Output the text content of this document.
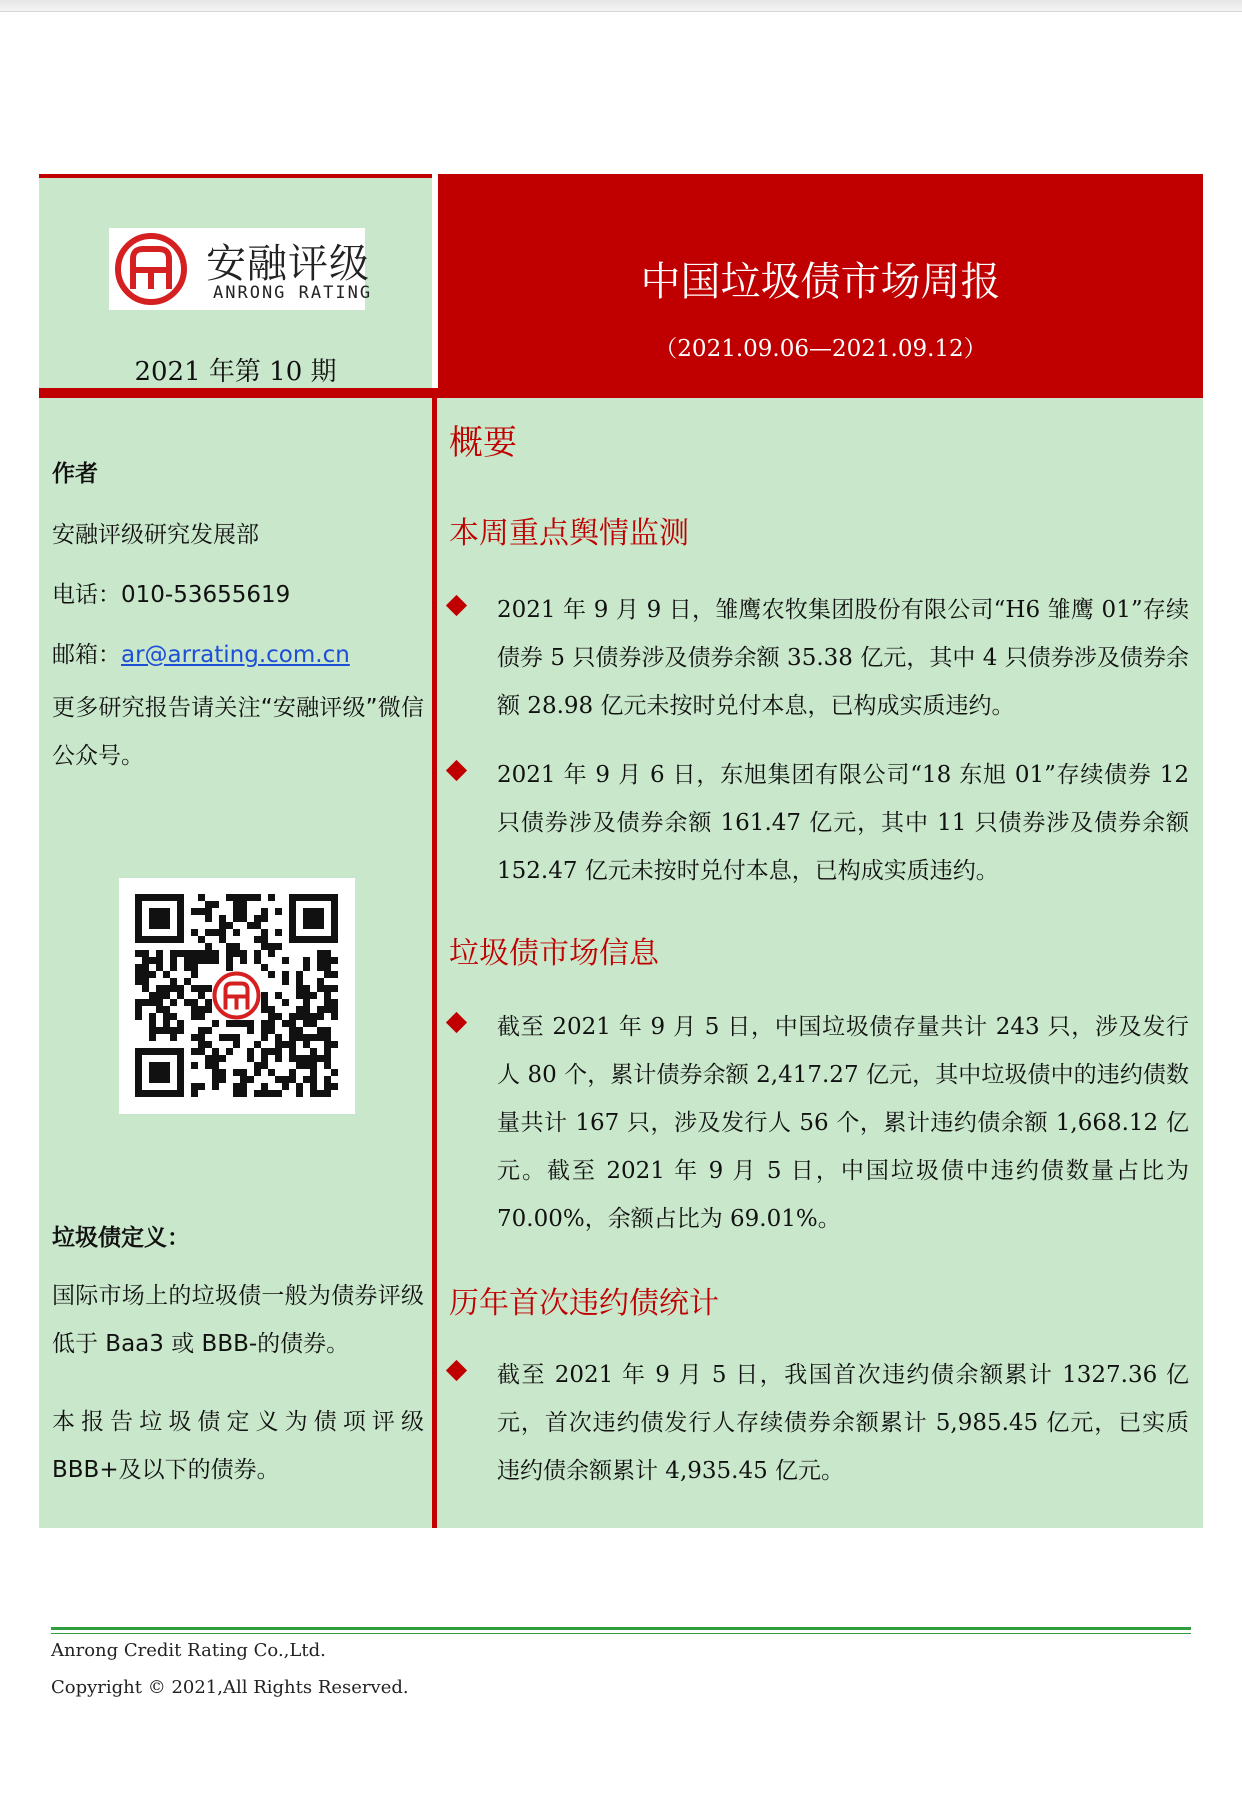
安融评级
ANRONG RATING
2021 年第 10 期
中国垃圾债市场周报
（2021.09.06—2021.09.12）

作者

安融评级研究发展部

电话：010-53655619

邮箱：ar@arrating.com.cn

更多研究报告请关注“安融评级”微信公众号。

垃圾债定义：

国际市场上的垃圾债一般为债券评级低于 Baa3 或 BBB-的债券。

本报告垃圾债定义为债项评级 BBB+及以下的债券。

概要
本周重点舆情监测

2021 年 9 月 9 日，雏鹰农牧集团股份有限公司“H6 雏鹰 01”存续债券 5 只债券涉及债券余额 35.38 亿元，其中 4 只债券涉及债券余额 28.98 亿元未按时兑付本息，已构成实质违约。

2021 年 9 月 6 日，东旭集团有限公司“18 东旭 01”存续债券 12 只债券涉及债券余额 161.47 亿元，其中 11 只债券涉及债券余额 152.47 亿元未按时兑付本息，已构成实质违约。

垃圾债市场信息

截至 2021 年 9 月 5 日，中国垃圾债存量共计 243 只，涉及发行人 80 个，累计债券余额 2,417.27 亿元，其中垃圾债中的违约债数量共计 167 只，涉及发行人 56 个，累计违约债余额 1,668.12 亿元。截至 2021 年 9 月 5 日，中国垃圾债中违约债数量占比为 70.00%，余额占比为 69.01%。

历年首次违约债统计

截至 2021 年 9 月 5 日，我国首次违约债余额累计 1327.36 亿元，首次违约债发行人存续债券余额累计 5,985.45 亿元，已实质违约债余额累计 4,935.45 亿元。

Anrong Credit Rating Co.,Ltd.
Copyright © 2021,All Rights Reserved.
